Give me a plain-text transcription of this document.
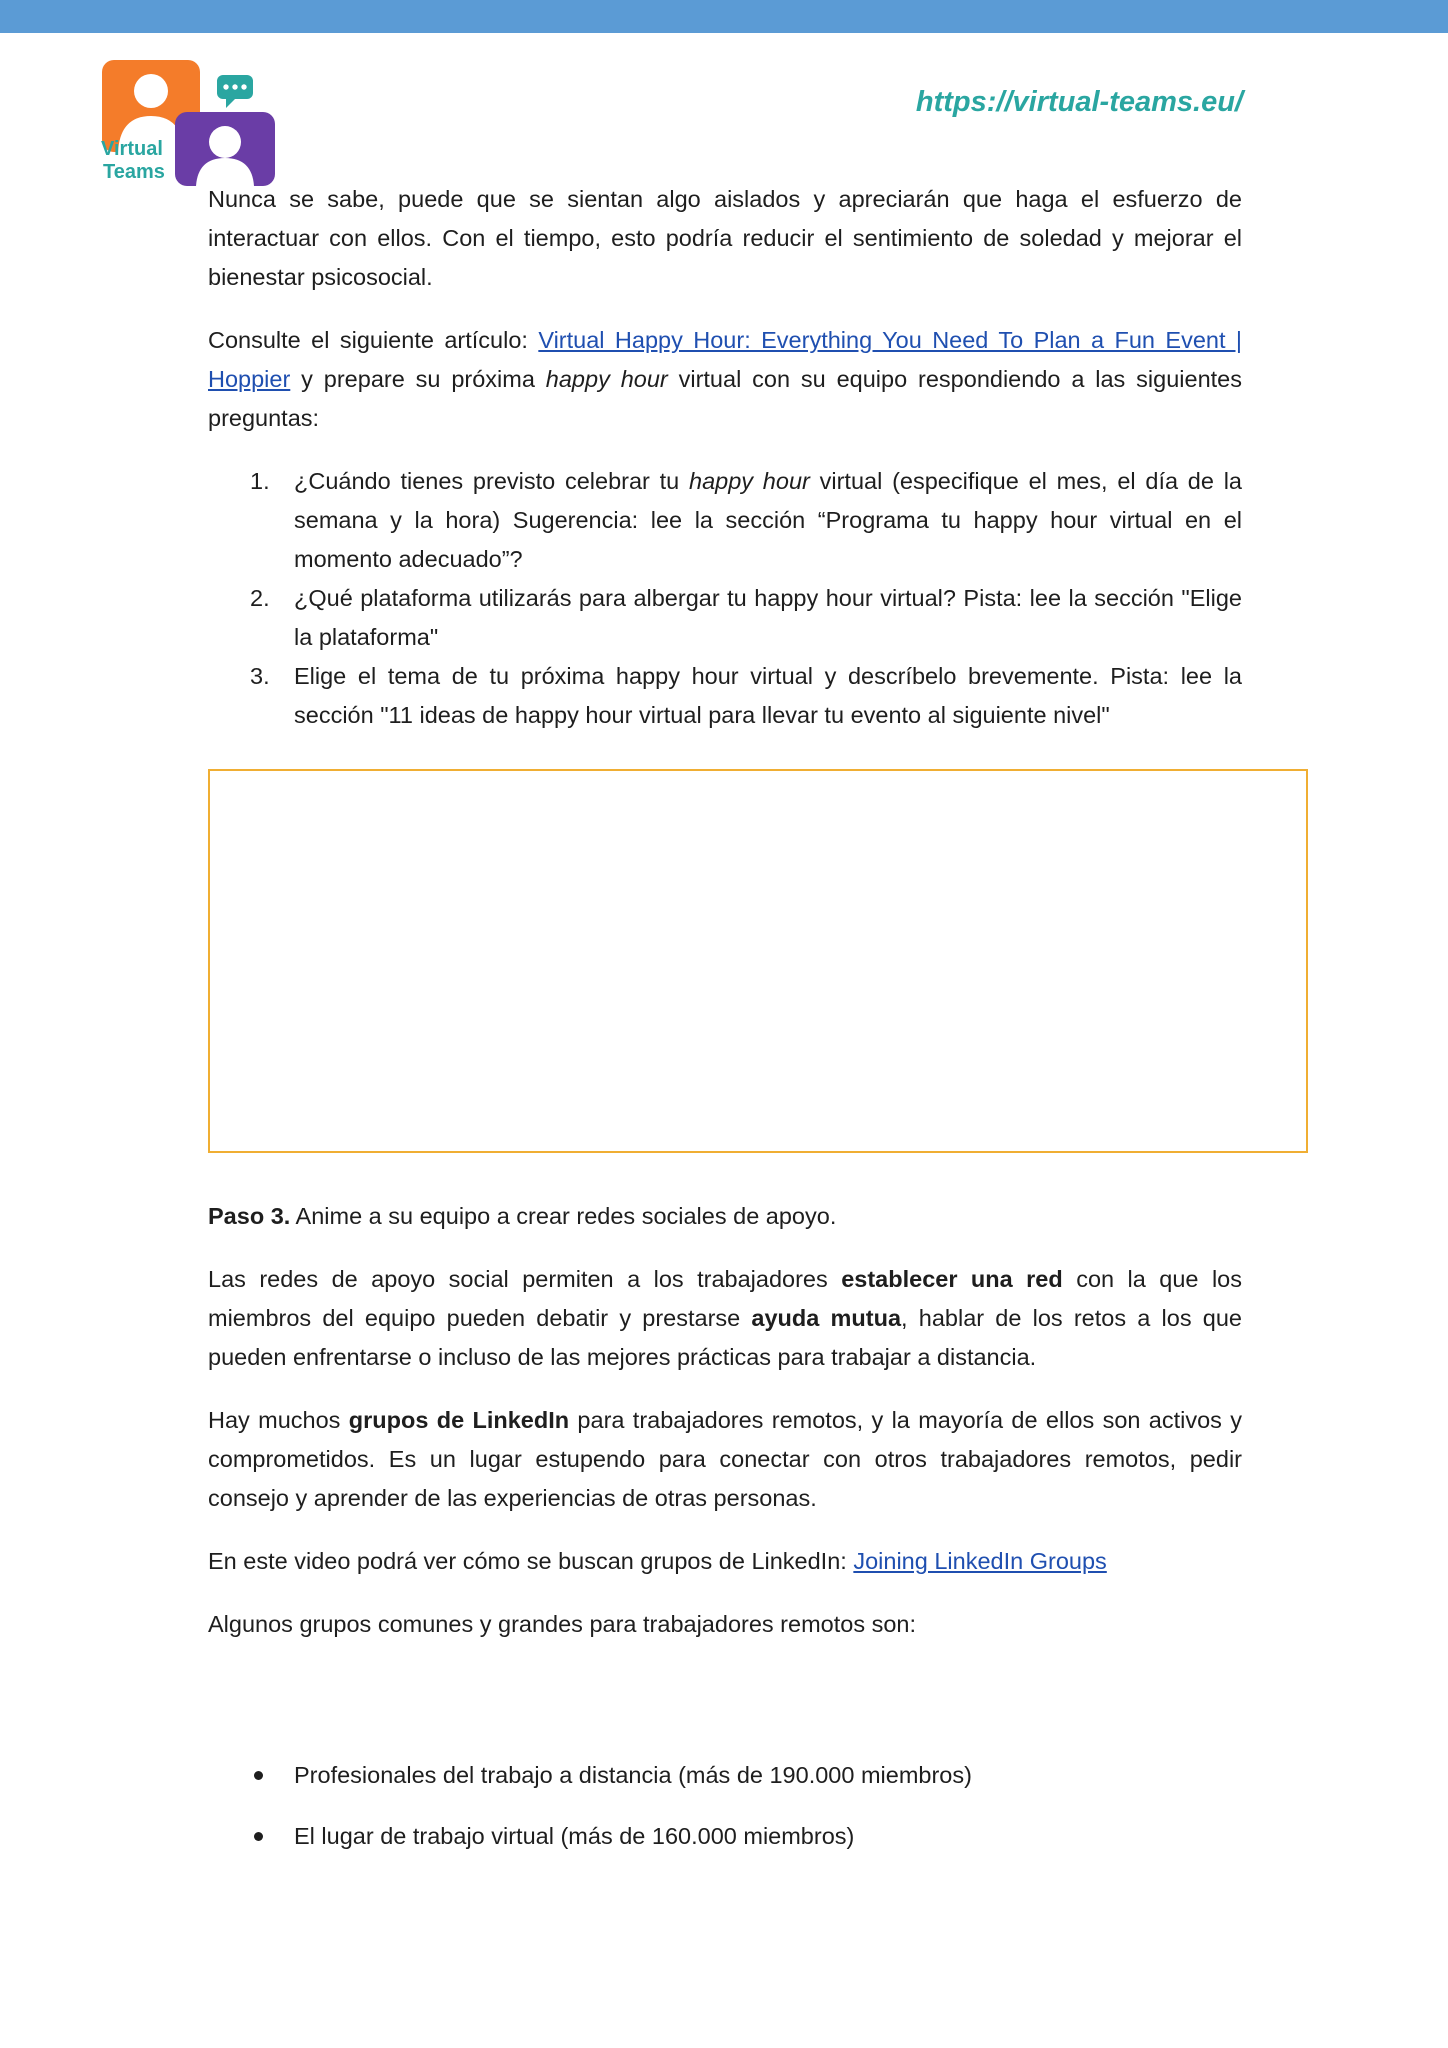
Virtual
Teams
https://virtual-teams.eu/

Nunca se sabe, puede que se sientan algo aislados y apreciarán que haga el esfuerzo de interactuar con ellos. Con el tiempo, esto podría reducir el sentimiento de soledad y mejorar el bienestar psicosocial.

Consulte el siguiente artículo: Virtual Happy Hour: Everything You Need To Plan a Fun Event | Hoppier y prepare su próxima happy hour virtual con su equipo respondiendo a las siguientes preguntas:

1. ¿Cuándo tienes previsto celebrar tu happy hour virtual (especifique el mes, el día de la semana y la hora) Sugerencia: lee la sección “Programa tu happy hour virtual en el momento adecuado”?
2. ¿Qué plataforma utilizarás para albergar tu happy hour virtual? Pista: lee la sección "Elige la plataforma"
3. Elige el tema de tu próxima happy hour virtual y descríbelo brevemente. Pista: lee la sección "11 ideas de happy hour virtual para llevar tu evento al siguiente nivel"

Paso 3. Anime a su equipo a crear redes sociales de apoyo.

Las redes de apoyo social permiten a los trabajadores establecer una red con la que los miembros del equipo pueden debatir y prestarse ayuda mutua, hablar de los retos a los que pueden enfrentarse o incluso de las mejores prácticas para trabajar a distancia.

Hay muchos grupos de LinkedIn para trabajadores remotos, y la mayoría de ellos son activos y comprometidos. Es un lugar estupendo para conectar con otros trabajadores remotos, pedir consejo y aprender de las experiencias de otras personas.

En este video podrá ver cómo se buscan grupos de LinkedIn: Joining LinkedIn Groups

Algunos grupos comunes y grandes para trabajadores remotos son:

Profesionales del trabajo a distancia (más de 190.000 miembros)
El lugar de trabajo virtual (más de 160.000 miembros)
